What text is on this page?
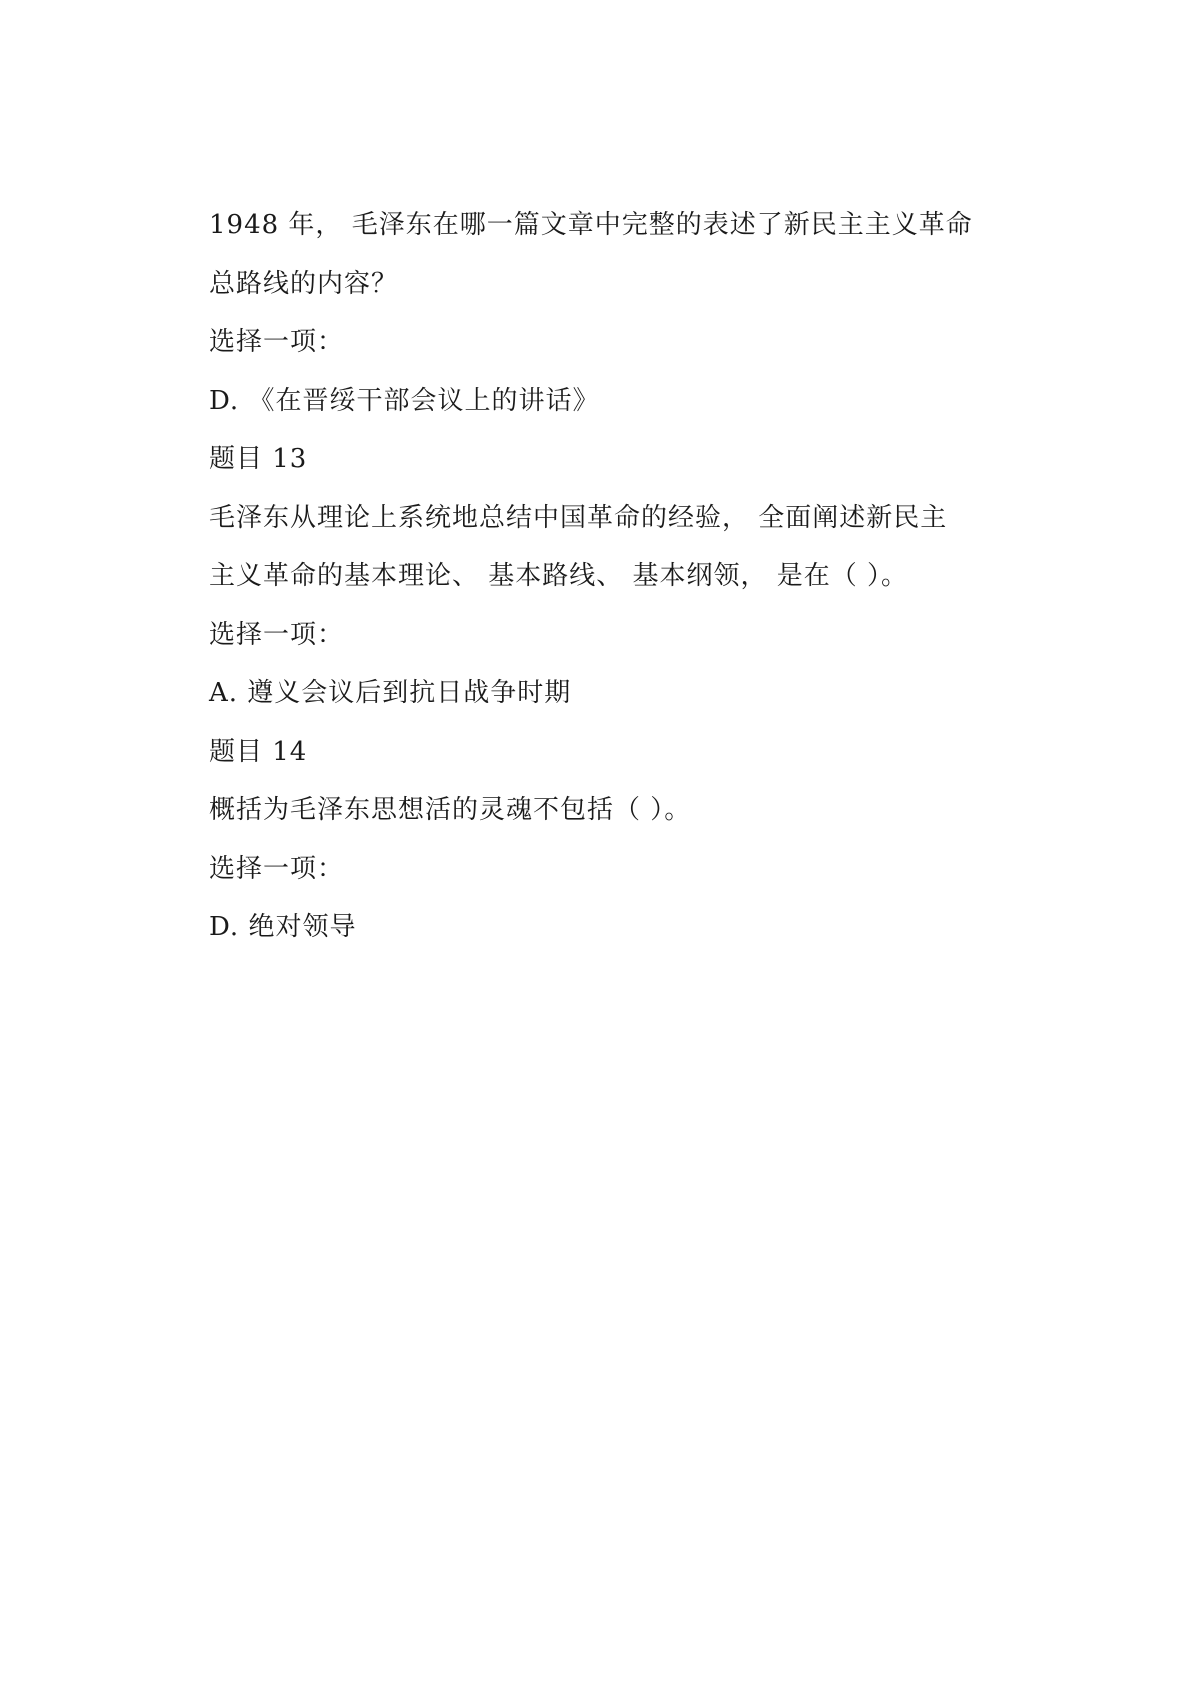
1948 年， 毛泽东在哪一篇文章中完整的表述了新民主主义革命
总路线的内容？
选择一项：
D. 《在晋绥干部会议上的讲话》
题目 13
毛泽东从理论上系统地总结中国革命的经验， 全面阐述新民主
主义革命的基本理论、 基本路线、 基本纲领， 是在（ ）。
选择一项：
A. 遵义会议后到抗日战争时期
题目 14
概括为毛泽东思想活的灵魂不包括（ ）。
选择一项：
D. 绝对领导
